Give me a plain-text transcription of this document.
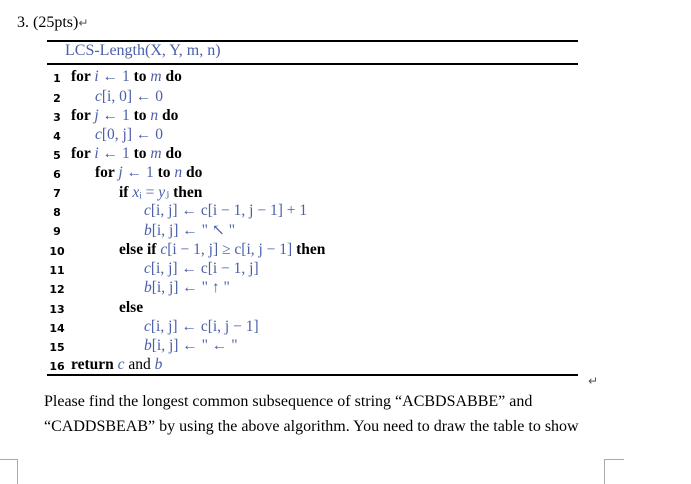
3. (25pts)↵
LCS-Length(X, Y, m, n)
1 for i ← 1 to m do
2	c[i, 0] ← 0
3 for j ← 1 to n do
4	c[0, j] ← 0
5 for i ← 1 to m do
6	for j ← 1 to n do
7	if xᵢ = yⱼ then
8	c[i, j] ← c[i − 1, j − 1] + 1
9	b[i, j] ← " ↖ "
10	else if c[i − 1, j] ≥ c[i, j − 1] then
11	c[i, j] ← c[i − 1, j]
12	b[i, j] ← " ↑ "
13	else
14	c[i, j] ← c[i, j − 1]
15	b[i, j] ← " ← "
16 return c and b
↵
Please find the longest common subsequence of string “ACBDSABBE” and
“CADDSBEAB” by using the above algorithm. You need to draw the table to show
